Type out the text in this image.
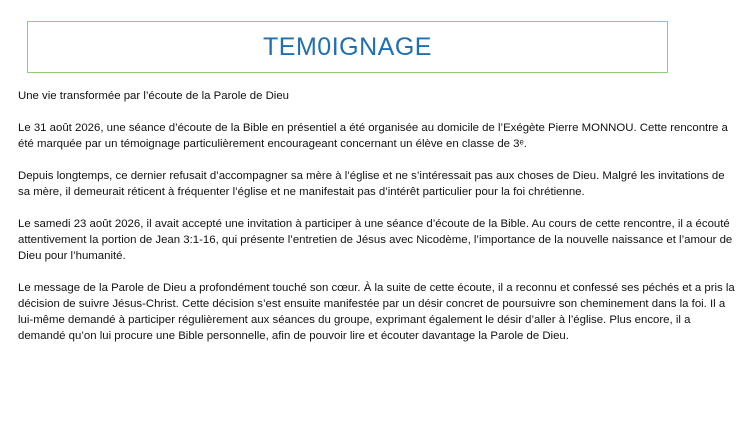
TEM0IGNAGE

Une vie transformée par l’écoute de la Parole de Dieu

Le 31 août 2026, une séance d’écoute de la Bible en présentiel a été organisée au domicile de l’Exégète Pierre MONNOU. Cette rencontre a été marquée par un témoignage particulièrement encourageant concernant un élève en classe de 3ᵉ.

Depuis longtemps, ce dernier refusait d’accompagner sa mère à l’église et ne s’intéressait pas aux choses de Dieu. Malgré les invitations de sa mère, il demeurait réticent à fréquenter l’église et ne manifestait pas d’intérêt particulier pour la foi chrétienne.

Le samedi 23 août 2026, il avait accepté une invitation à participer à une séance d’écoute de la Bible. Au cours de cette rencontre, il a écouté attentivement la portion de Jean 3:1-16, qui présente l’entretien de Jésus avec Nicodème, l’importance de la nouvelle naissance et l’amour de Dieu pour l’humanité.

Le message de la Parole de Dieu a profondément touché son cœur. À la suite de cette écoute, il a reconnu et confessé ses péchés et a pris la décision de suivre Jésus-Christ. Cette décision s’est ensuite manifestée par un désir concret de poursuivre son cheminement dans la foi. Il a lui-même demandé à participer régulièrement aux séances du groupe, exprimant également le désir d’aller à l’église. Plus encore, il a demandé qu’on lui procure une Bible personnelle, afin de pouvoir lire et écouter davantage la Parole de Dieu.
